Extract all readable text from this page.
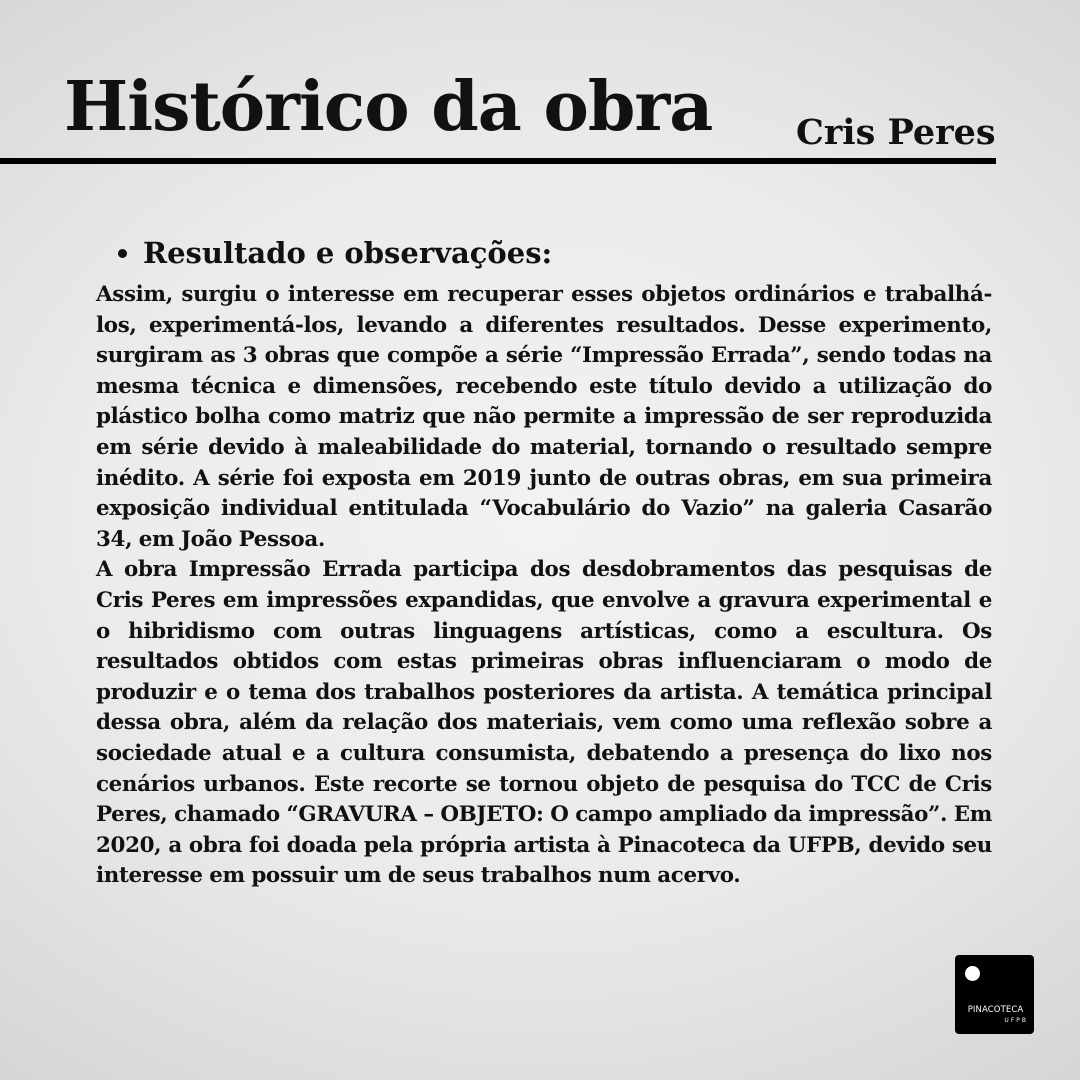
Histórico da obra Cris Peres
Resultado e observações:

Assim, surgiu o interesse em recuperar esses objetos ordinários e trabalhá-los, experimentá-los, levando a diferentes resultados. Desse experimento, surgiram as 3 obras que compõe a série “Impressão Errada”, sendo todas na mesma técnica e dimensões, recebendo este título devido a utilização do plástico bolha como matriz que não permite a impressão de ser reproduzida em série devido à maleabilidade do material, tornando o resultado sempre inédito. A série foi exposta em 2019 junto de outras obras, em sua primeira exposição individual entitulada “Vocabulário do Vazio” na galeria Casarão 34, em João Pessoa.

A obra Impressão Errada participa dos desdobramentos das pesquisas de Cris Peres em impressões expandidas, que envolve a gravura experimental e o hibridismo com outras linguagens artísticas, como a escultura. Os resultados obtidos com estas primeiras obras influenciaram o modo de produzir e o tema dos trabalhos posteriores da artista. A temática principal dessa obra, além da relação dos materiais, vem como uma reflexão sobre a sociedade atual e a cultura consumista, debatendo a presença do lixo nos cenários urbanos. Este recorte se tornou objeto de pesquisa do TCC de Cris Peres, chamado “GRAVURA – OBJETO: O campo ampliado da impressão”. Em 2020, a obra foi doada pela própria artista à Pinacoteca da UFPB, devido seu interesse em possuir um de seus trabalhos num acervo.

PINACOTECA
UFPB
